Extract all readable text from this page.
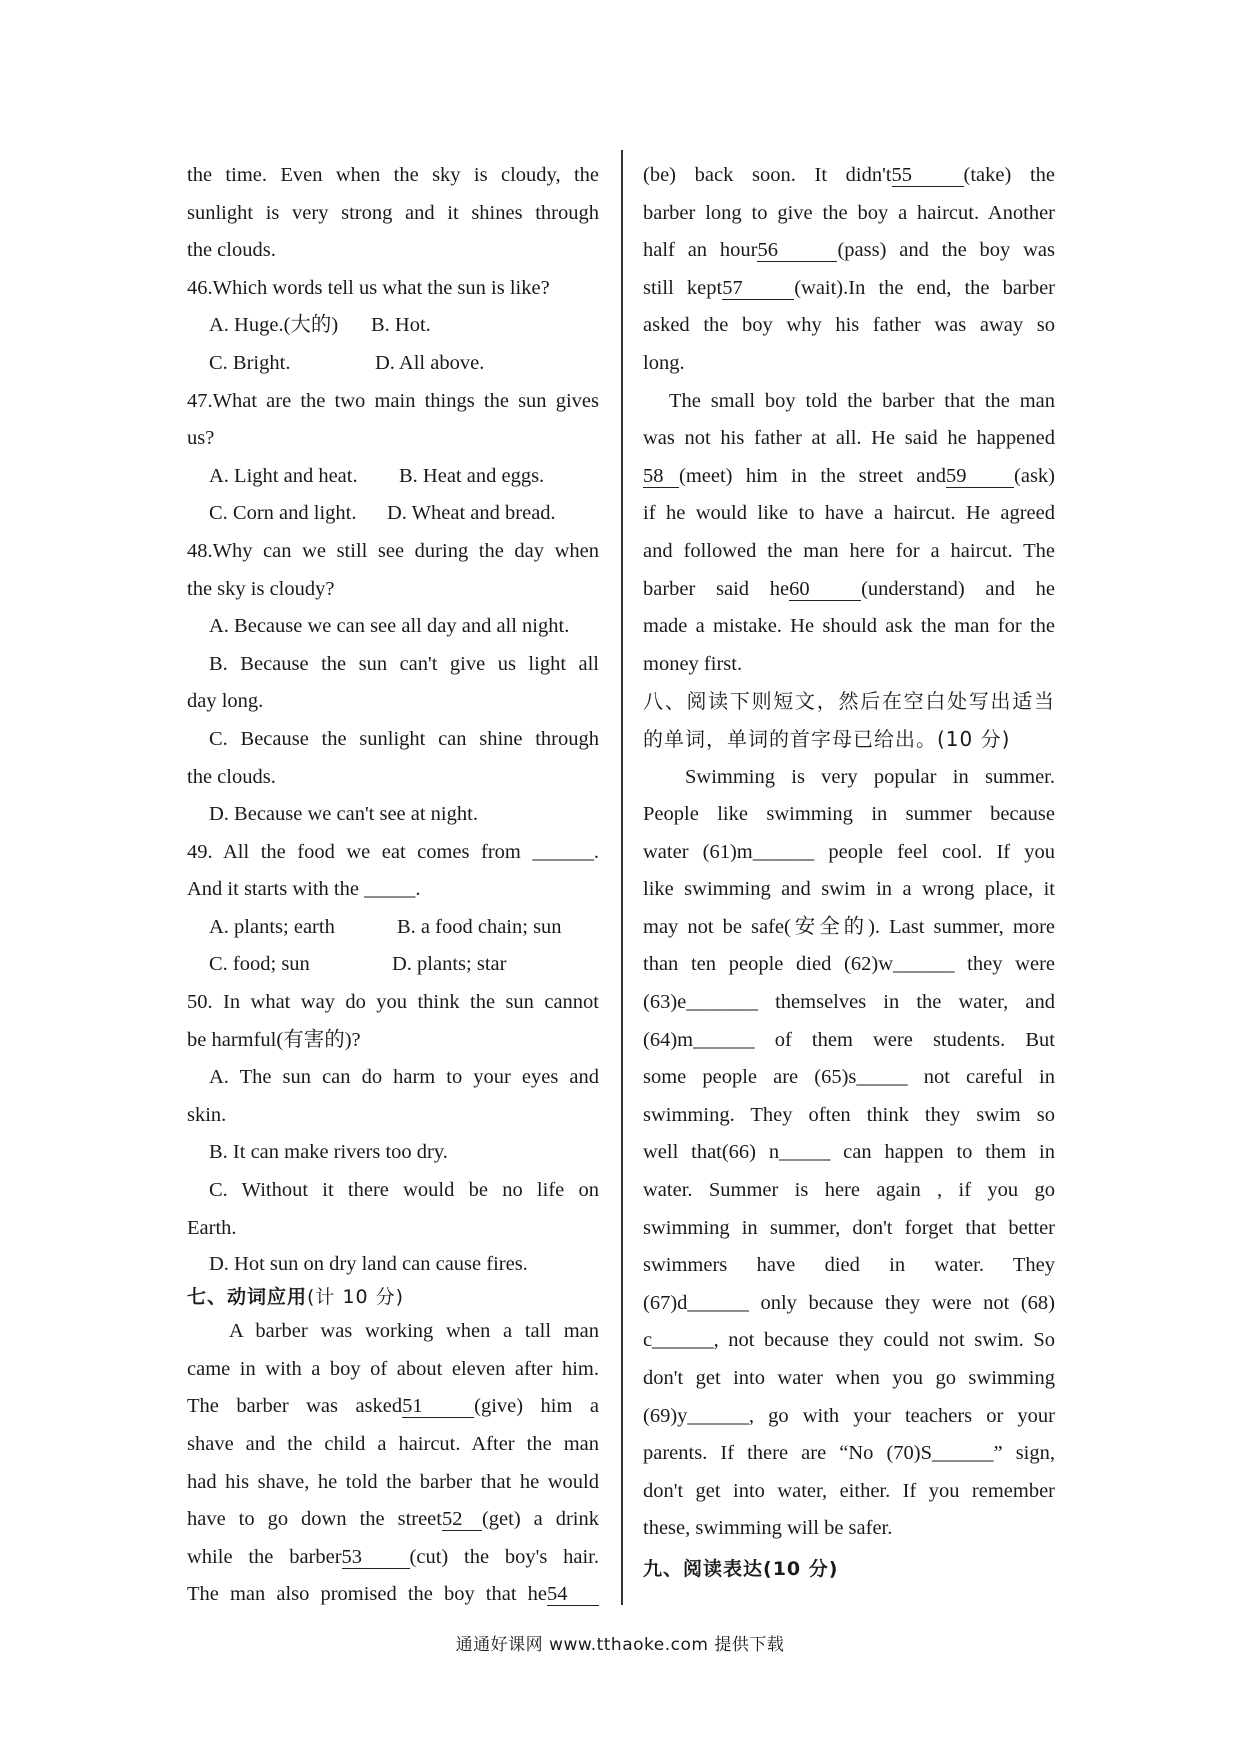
the time. Even when the sky is cloudy, the

sunlight is very strong and it shines through

the clouds.

46.Which words tell us what the sun is like?

A. Huge.(大的)	B. Hot.
C. Bright.	D. All above.

47.What are the two main things the sun gives

us?

A. Light and heat.	B. Heat and eggs.
C. Corn and light.	D. Wheat and bread.

48.Why can we still see during the day when

the sky is cloudy?

A. Because we can see all day and all night.

B. Because the sun can't give us light all

day long.

C. Because the sunlight can shine through

the clouds.

D. Because we can't see at night.

49. All the food we eat comes from ______.

And it starts with the _____.

A. plants; earth	B. a food chain; sun
C. food; sun	D. plants; star

50. In what way do you think the sun cannot

be harmful(有害的)?

A. The sun can do harm to your eyes and

skin.

B. It can make rivers too dry.

C. Without it there would be no life on

Earth.

D. Hot sun on dry land can cause fires.

七、动词应用(计 10 分)

A barber was working when a tall man

came in with a boy of about eleven after him.

The barber was asked51	(give) him a

shave and the child a haircut. After the man

had his shave, he told the barber that he would

have to go down the street52 (get) a drink

while the barber53 (cut) the boy's hair.

The man also promised the boy that he54

(be) back soon. It didn't55	(take) the

barber long to give the boy a haircut. Another

half an hour56	(pass) and the boy was

still kept57	(wait).In the end, the barber

asked the boy why his father was away so

long.

The small boy told the barber that the man

was not his father at all. He said he happened

58 (meet) him in the street and59 (ask)

if he would like to have a haircut. He agreed

and followed the man here for a haircut. The

barber said he60	(understand) and he

made a mistake. He should ask the man for the

money first.

八、阅读下则短文，然后在空白处写出适当

的单词，单词的首字母已给出。(10 分)

Swimming is very popular in summer.

People like swimming in summer because

water (61)m______ people feel cool. If you

like swimming and swim in a wrong place, it

may not be safe(安全的). Last summer, more

than ten people died (62)w______ they were

(63)e_______ themselves in the water, and

(64)m______ of them were students. But

some people are (65)s_____ not careful in

swimming. They often think they swim so

well that(66) n_____ can happen to them in

water. Summer is here again , if you go

swimming in summer, don't forget that better

swimmers have died in water. They

(67)d______ only because they were not (68)

c______, not because they could not swim. So

don't get into water when you go swimming

(69)y______, go with your teachers or your

parents. If there are “No (70)S______” sign,

don't get into water, either. If you remember

these, swimming will be safer.

九、阅读表达(10 分)

通通好课网 www.tthaoke.com 提供下载
